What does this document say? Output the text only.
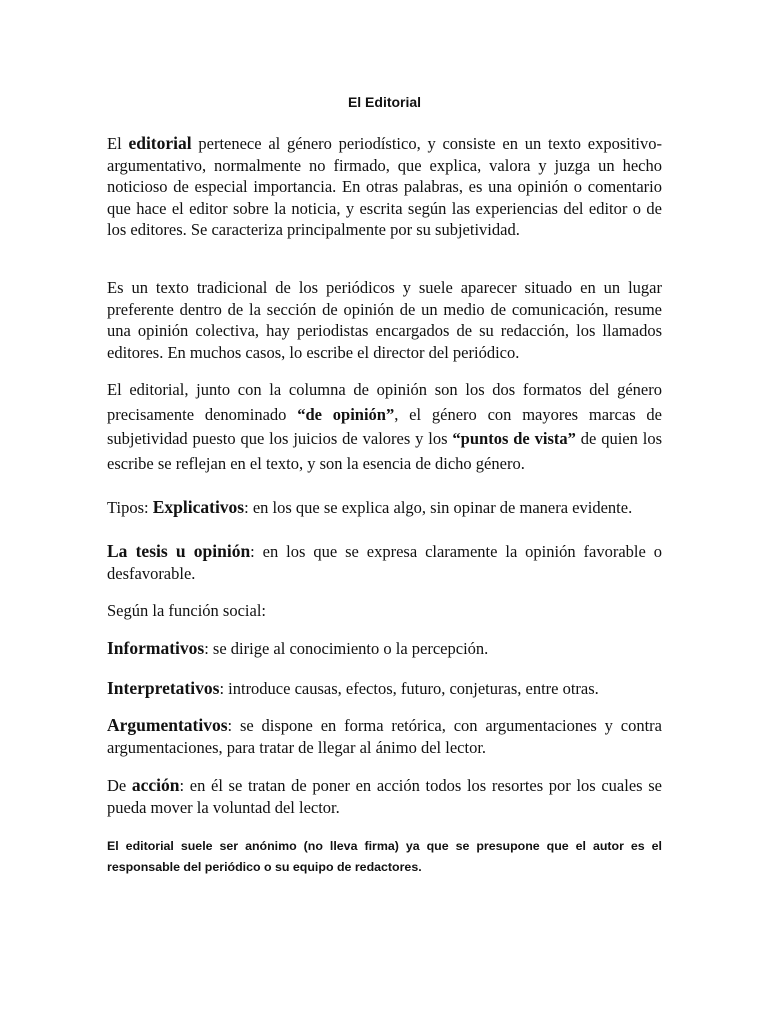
El Editorial

El editorial pertenece al género periodístico, y consiste en un texto expositivo-argumentativo, normalmente no firmado, que explica, valora y juzga un hecho noticioso de especial importancia. En otras palabras, es una opinión o comentario que hace el editor sobre la noticia, y escrita según las experiencias del editor o de los editores. Se caracteriza principalmente por su subjetividad.

Es un texto tradicional de los periódicos y suele aparecer situado en un lugar preferente dentro de la sección de opinión de un medio de comunicación, resume una opinión colectiva, hay periodistas encargados de su redacción, los llamados editores. En muchos casos, lo escribe el director del periódico.

El editorial, junto con la columna de opinión son los dos formatos del género precisamente denominado “de opinión”, el género con mayores marcas de subjetividad puesto que los juicios de valores y los “puntos de vista” de quien los escribe se reflejan en el texto, y son la esencia de dicho género.

Tipos: Explicativos: en los que se explica algo, sin opinar de manera evidente.

La tesis u opinión: en los que se expresa claramente la opinión favorable o desfavorable.

Según la función social:

Informativos: se dirige al conocimiento o la percepción.

Interpretativos: introduce causas, efectos, futuro, conjeturas, entre otras.

Argumentativos: se dispone en forma retórica, con argumentaciones y contra argumentaciones, para tratar de llegar al ánimo del lector.

De acción: en él se tratan de poner en acción todos los resortes por los cuales se pueda mover la voluntad del lector.

El editorial suele ser anónimo (no lleva firma) ya que se presupone que el autor es el responsable del periódico o su equipo de redactores.
